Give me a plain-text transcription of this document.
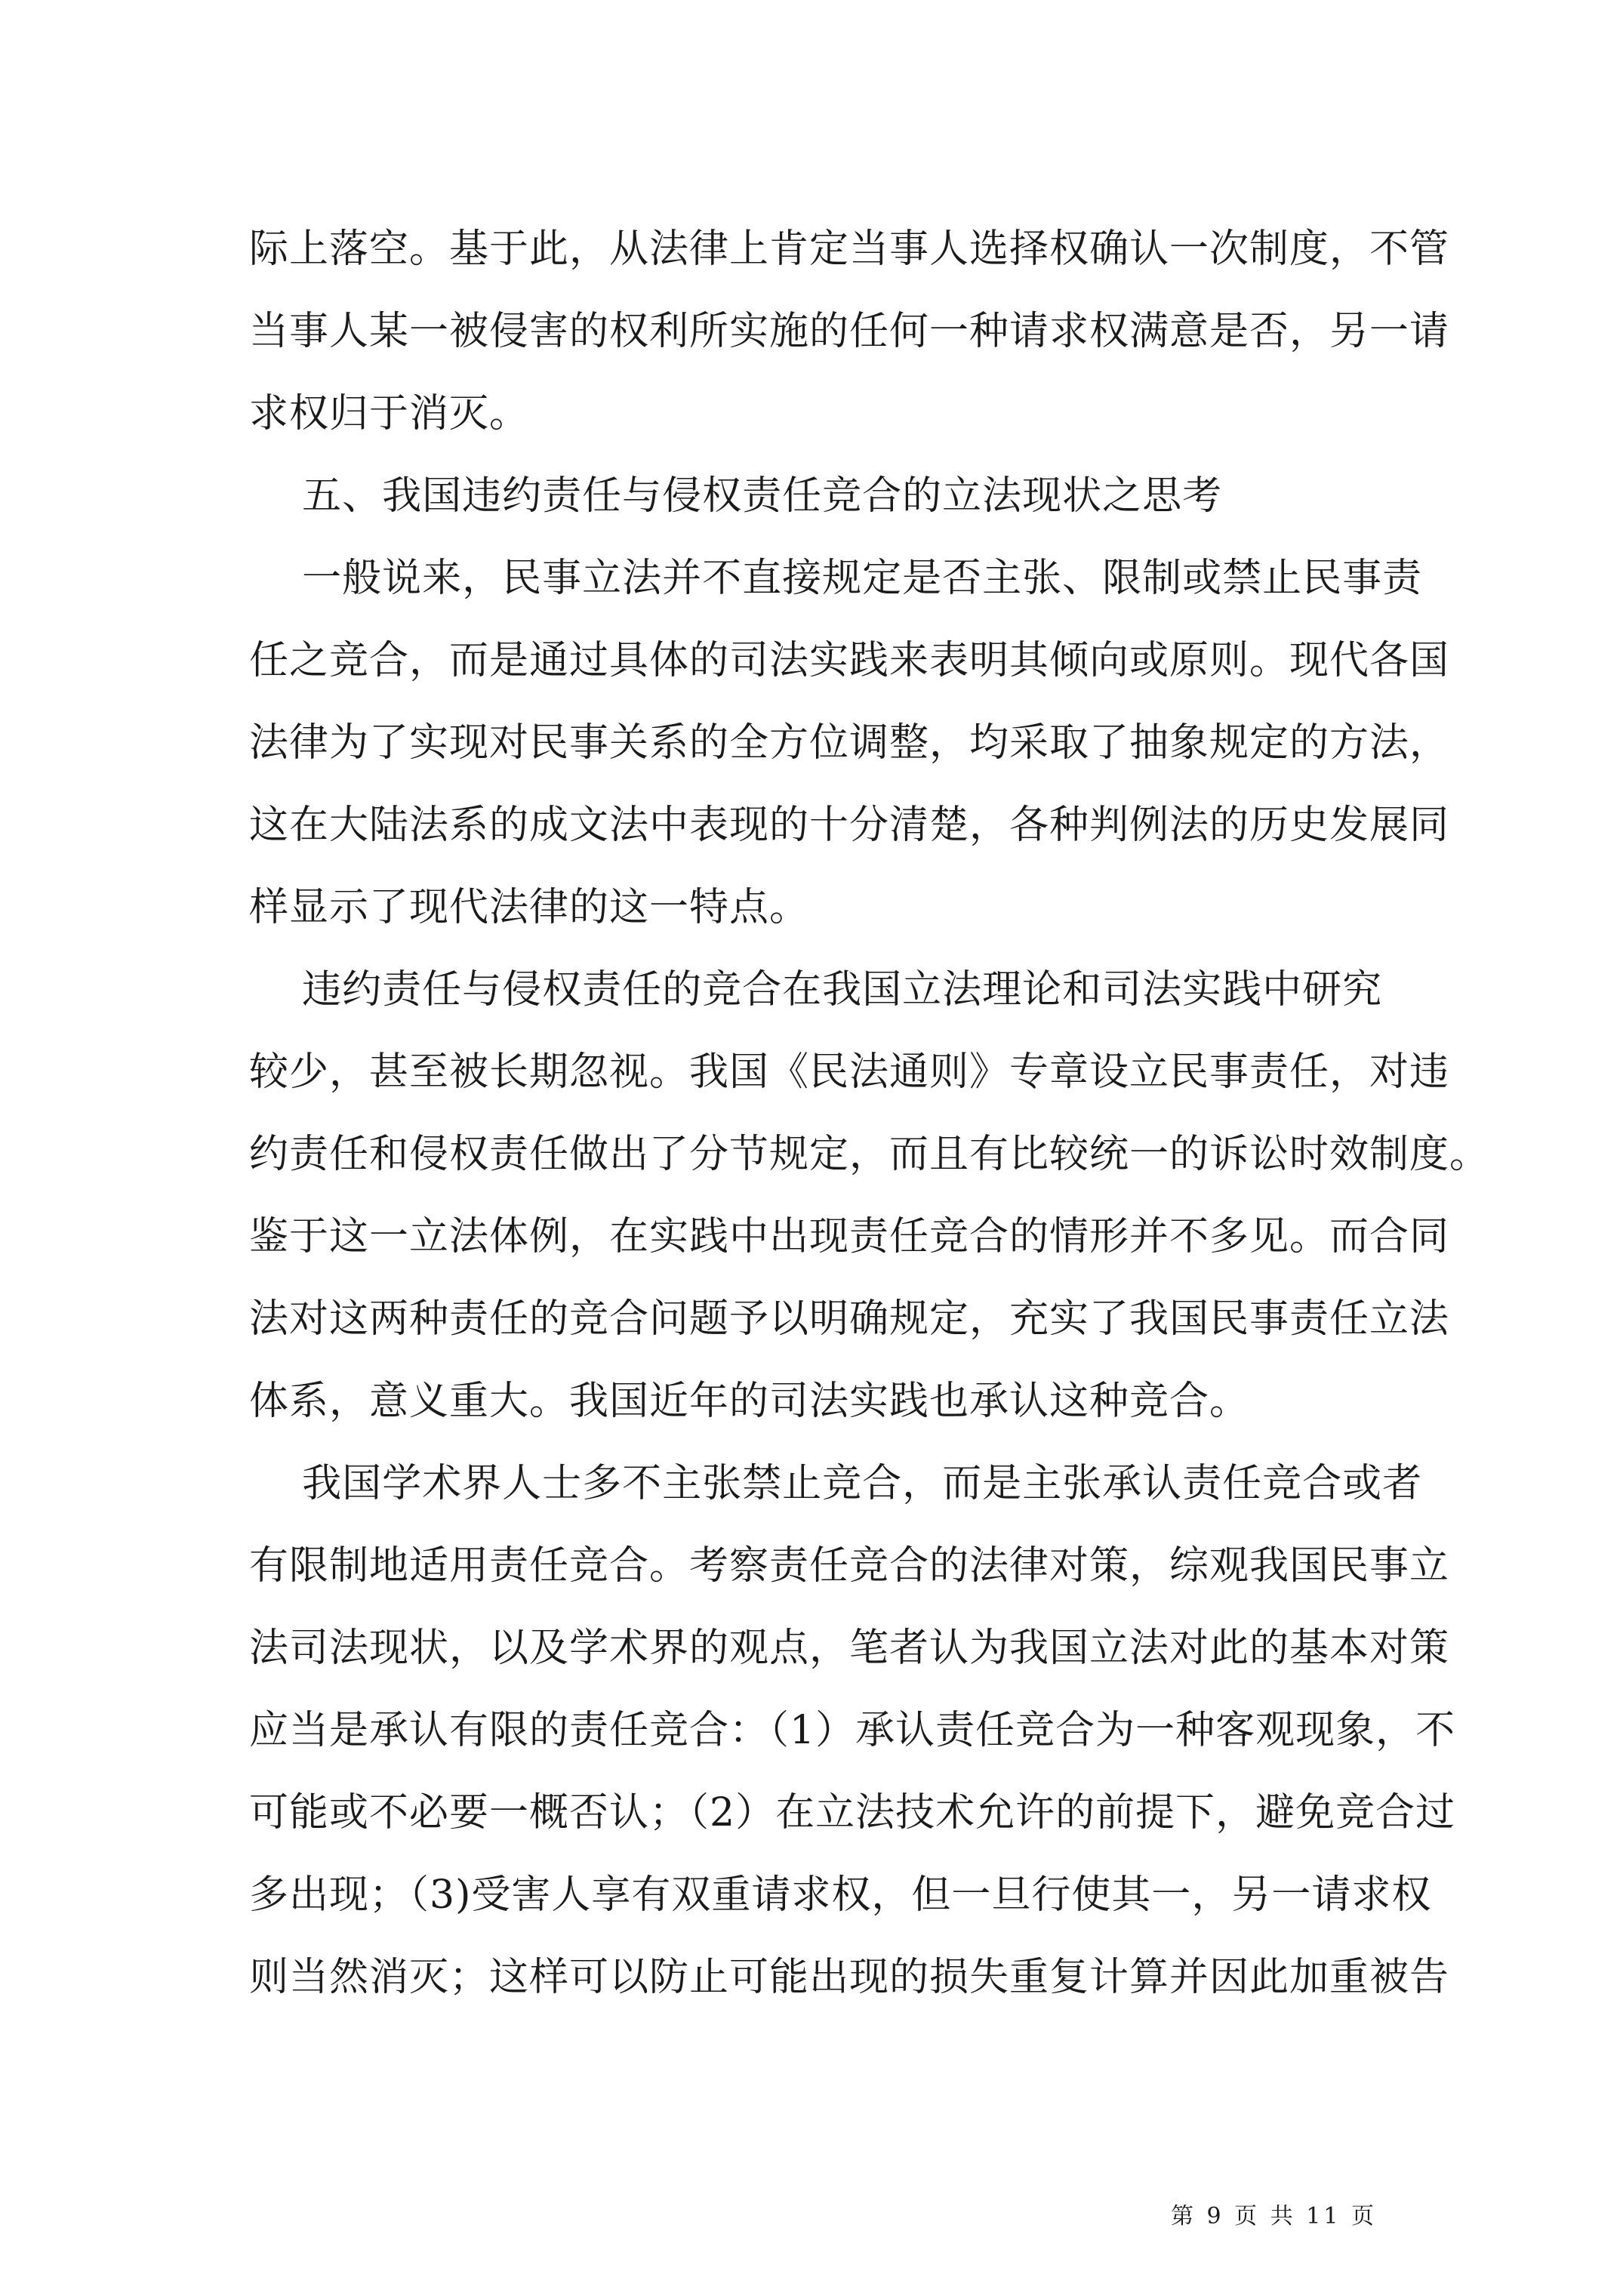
际上落空。基于此，从法律上肯定当事人选择权确认一次制度，不管
当事人某一被侵害的权利所实施的任何一种请求权满意是否，另一请
求权归于消灭。
五、我国违约责任与侵权责任竞合的立法现状之思考
一般说来，民事立法并不直接规定是否主张、限制或禁止民事责
任之竞合，而是通过具体的司法实践来表明其倾向或原则。现代各国
法律为了实现对民事关系的全方位调整，均采取了抽象规定的方法，
这在大陆法系的成文法中表现的十分清楚，各种判例法的历史发展同
样显示了现代法律的这一特点。
违约责任与侵权责任的竞合在我国立法理论和司法实践中研究
较少，甚至被长期忽视。我国《民法通则》专章设立民事责任，对违
约责任和侵权责任做出了分节规定，而且有比较统一的诉讼时效制度。
鉴于这一立法体例，在实践中出现责任竞合的情形并不多见。而合同
法对这两种责任的竞合问题予以明确规定，充实了我国民事责任立法
体系，意义重大。我国近年的司法实践也承认这种竞合。
我国学术界人士多不主张禁止竞合，而是主张承认责任竞合或者
有限制地适用责任竞合。考察责任竞合的法律对策，综观我国民事立
法司法现状，以及学术界的观点，笔者认为我国立法对此的基本对策
应当是承认有限的责任竞合：（1）承认责任竞合为一种客观现象，不
可能或不必要一概否认；（2）在立法技术允许的前提下，避免竞合过
多出现；（3)受害人享有双重请求权，但一旦行使其一，另一请求权
则当然消灭；这样可以防止可能出现的损失重复计算并因此加重被告
第 9 页 共 11 页
